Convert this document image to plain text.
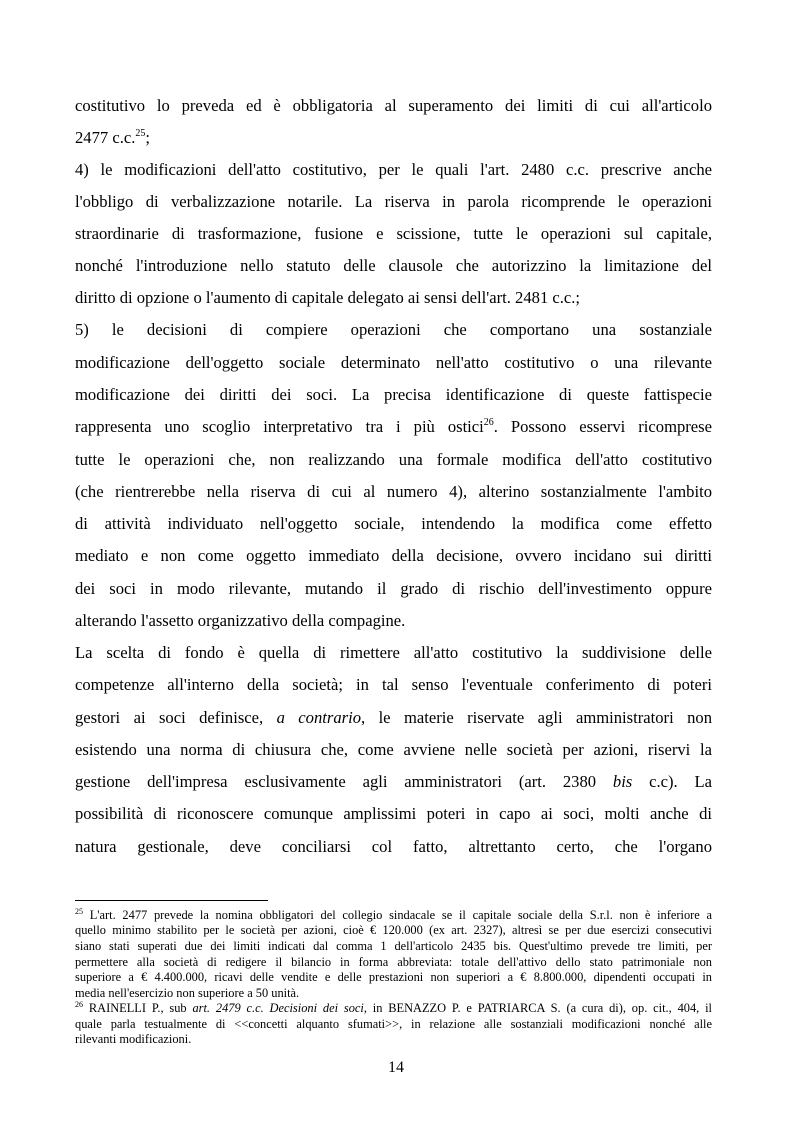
costitutivo lo preveda ed è obbligatoria al superamento dei limiti di cui all'articolo
2477 c.c.$^{25}$;
4) le modificazioni dell'atto costitutivo, per le quali l'art. 2480 c.c. prescrive anche
l'obbligo di verbalizzazione notarile. La riserva in parola ricomprende le operazioni
straordinarie di trasformazione, fusione e scissione, tutte le operazioni sul capitale,
nonché l'introduzione nello statuto delle clausole che autorizzino la limitazione del
diritto di opzione o l'aumento di capitale delegato ai sensi dell'art. 2481 c.c.;
5) le decisioni di compiere operazioni che comportano una sostanziale
modificazione dell'oggetto sociale determinato nell'atto costitutivo o una rilevante
modificazione dei diritti dei soci. La precisa identificazione di queste fattispecie
rappresenta uno scoglio interpretativo tra i più ostici$^{26}$. Possono esservi ricomprese
tutte le operazioni che, non realizzando una formale modifica dell'atto costitutivo
(che rientrerebbe nella riserva di cui al numero 4), alterino sostanzialmente l'ambito
di attività individuato nell'oggetto sociale, intendendo la modifica come effetto
mediato e non come oggetto immediato della decisione, ovvero incidano sui diritti
dei soci in modo rilevante, mutando il grado di rischio dell'investimento oppure
alterando l'assetto organizzativo della compagine.
La scelta di fondo è quella di rimettere all'atto costitutivo la suddivisione delle
competenze all'interno della società; in tal senso l'eventuale conferimento di poteri
gestori ai soci definisce, a contrario, le materie riservate agli amministratori non
esistendo una norma di chiusura che, come avviene nelle società per azioni, riservi la
gestione dell'impresa esclusivamente agli amministratori (art. 2380 bis c.c). La
possibilità di riconoscere comunque amplissimi poteri in capo ai soci, molti anche di
natura gestionale, deve conciliarsi col fatto, altrettanto certo, che l'organo
$^{25}$ L'art. 2477 prevede la nomina obbligatori del collegio sindacale se il capitale sociale della S.r.l. non è inferiore a
quello minimo stabilito per le società per azioni, cioè € 120.000 (ex art. 2327), altresì se per due esercizi consecutivi
siano stati superati due dei limiti indicati dal comma 1 dell'articolo 2435 bis. Quest'ultimo prevede tre limiti, per
permettere alla società di redigere il bilancio in forma abbreviata: totale dell'attivo dello stato patrimoniale non
superiore a € 4.400.000, ricavi delle vendite e delle prestazioni non superiori a € 8.800.000, dipendenti occupati in
media nell'esercizio non superiore a 50 unità.
$^{26}$ RAINELLI P., sub art. 2479 c.c. Decisioni dei soci, in BENAZZO P. e PATRIARCA S. (a cura di), op. cit., 404, il
quale parla testualmente di <<concetti alquanto sfumati>>, in relazione alle sostanziali modificazioni nonché alle
rilevanti modificazioni.
14
